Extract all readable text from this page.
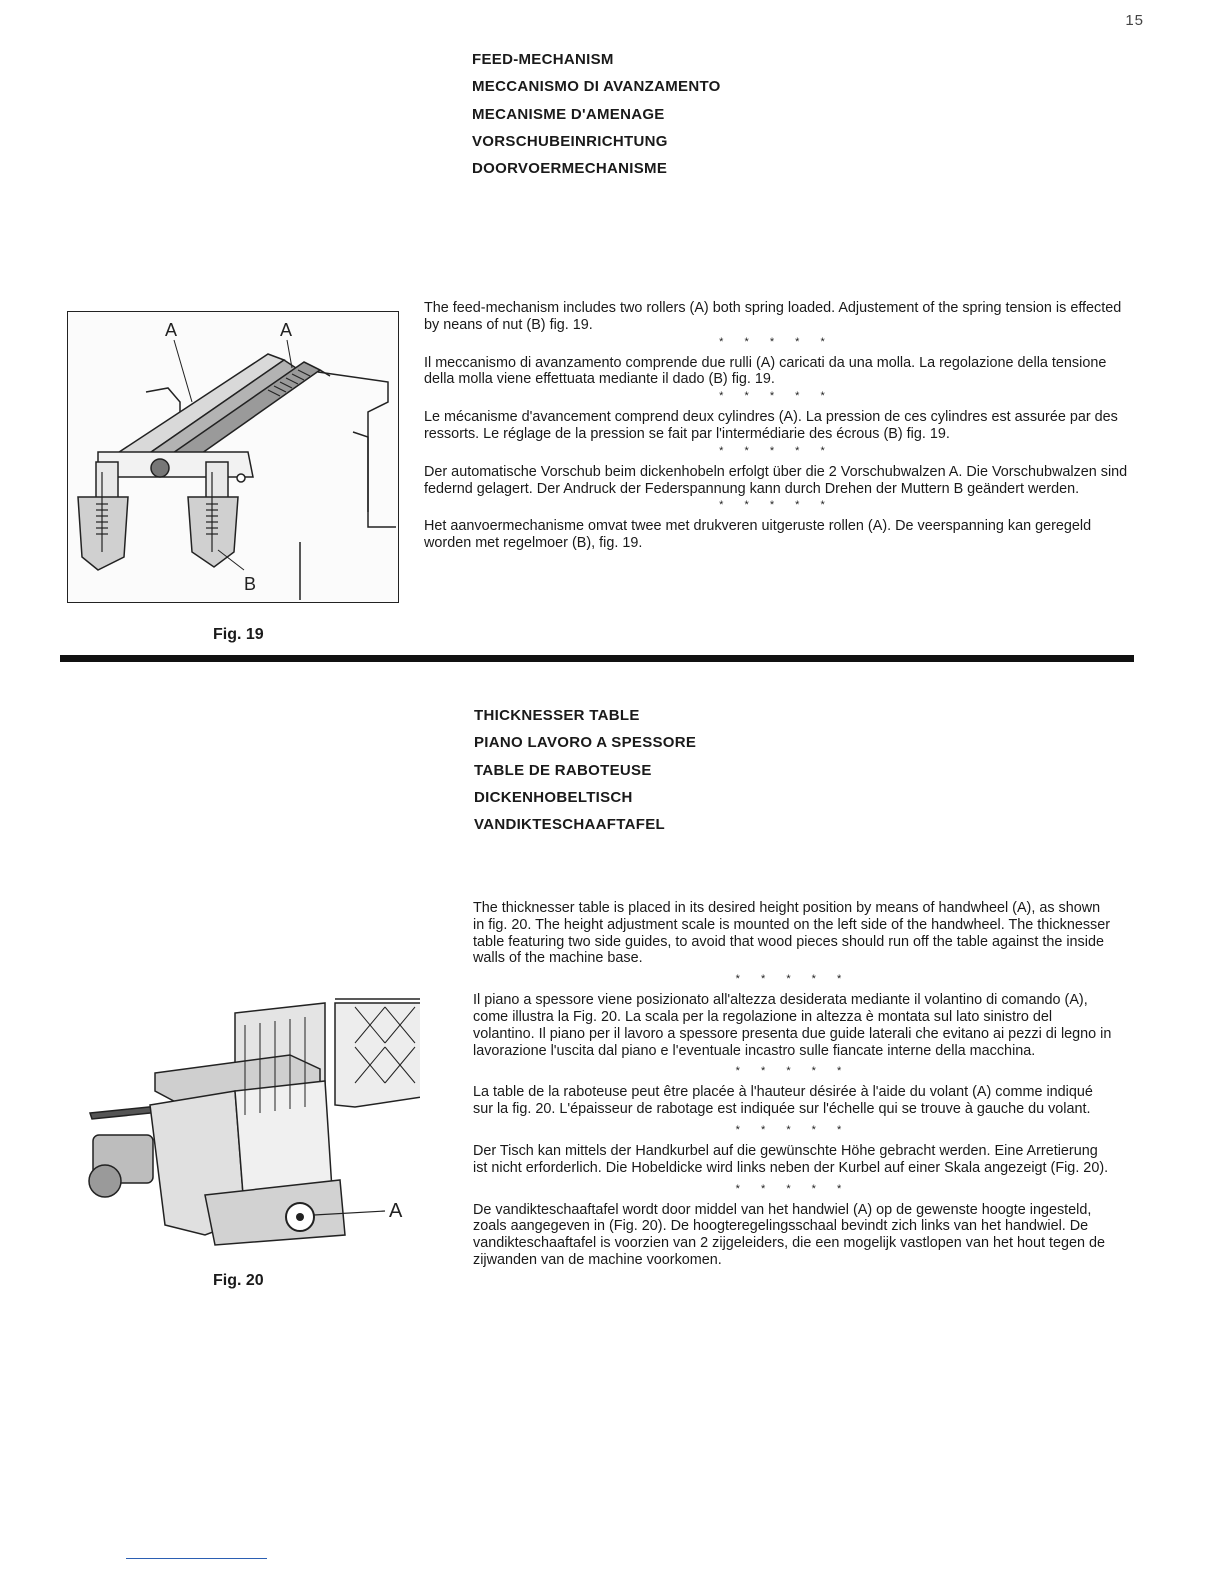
15
FEED-MECHANISM
MECCANISMO DI AVANZAMENTO
MECANISME D'AMENAGE
VORSCHUBEINRICHTUNG
DOORVOERMECHANISME

The feed-mechanism includes two rollers (A) both spring loaded. Adjustement of the spring tension is effected by neans of nut (B) fig. 19.

* * * * *

Il meccanismo di avanzamento comprende due rulli (A) caricati da una molla. La regolazione della tensione della molla viene effettuata mediante il dado (B) fig. 19.

* * * * *

Le mécanisme d'avancement comprend deux cylindres (A). La pression de ces cylindres est assurée par des ressorts. Le réglage de la pression se fait par l'intermédiarie des écrous (B) fig. 19.

* * * * *

Der automatische Vorschub beim dickenhobeln erfolgt über die 2 Vorschubwalzen A. Die Vorschubwalzen sind federnd gelagert. Der Andruck der Federspannung kann durch Drehen der Muttern B geändert werden.

* * * * *

Het aanvoermechanisme omvat twee met drukveren uitgeruste rollen (A). De veerspanning kan geregeld worden met regelmoer (B), fig. 19.

A	A
B
Fig. 19
THICKNESSER TABLE
PIANO LAVORO A SPESSORE
TABLE DE RABOTEUSE
DICKENHOBELTISCH
VANDIKTESCHAAFTAFEL

The thicknesser table is placed in its desired height position by means of handwheel (A), as shown in fig. 20. The height adjustment scale is mounted on the left side of the handwheel. The thicknesser table featuring two side guides, to avoid that wood pieces should run off the table against the inside walls of the machine base.

* * * * *

Il piano a spessore viene posizionato all'altezza desiderata mediante il volantino di comando (A), come illustra la Fig. 20. La scala per la regolazione in altezza è montata sul lato sinistro del volantino. Il piano per il lavoro a spessore presenta due guide laterali che evitano ai pezzi di legno in lavorazione l'uscita dal piano e l'eventuale incastro sulle fiancate interne della macchina.

* * * * *

La table de la raboteuse peut être placée à l'hauteur désirée à l'aide du volant (A) comme indiqué sur la fig. 20. L'épaisseur de rabotage est indiquée sur l'échelle qui se trouve à gauche du volant.

* * * * *

Der Tisch kan mittels der Handkurbel auf die gewünschte Höhe gebracht werden. Eine Arretierung ist nicht erforderlich. Die Hobeldicke wird links neben der Kurbel auf einer Skala angezeigt (Fig. 20).

* * * * *

De vandikteschaaftafel wordt door middel van het handwiel (A) op de gewenste hoogte ingesteld, zoals aangegeven in (Fig. 20). De hoogteregelingsschaal bevindt zich links van het handwiel. De vandikteschaaftafel is voorzien van 2 zijgeleiders, die een mogelijk vastlopen van het hout tegen de zijwanden van de machine voorkomen.

A
Fig. 20
